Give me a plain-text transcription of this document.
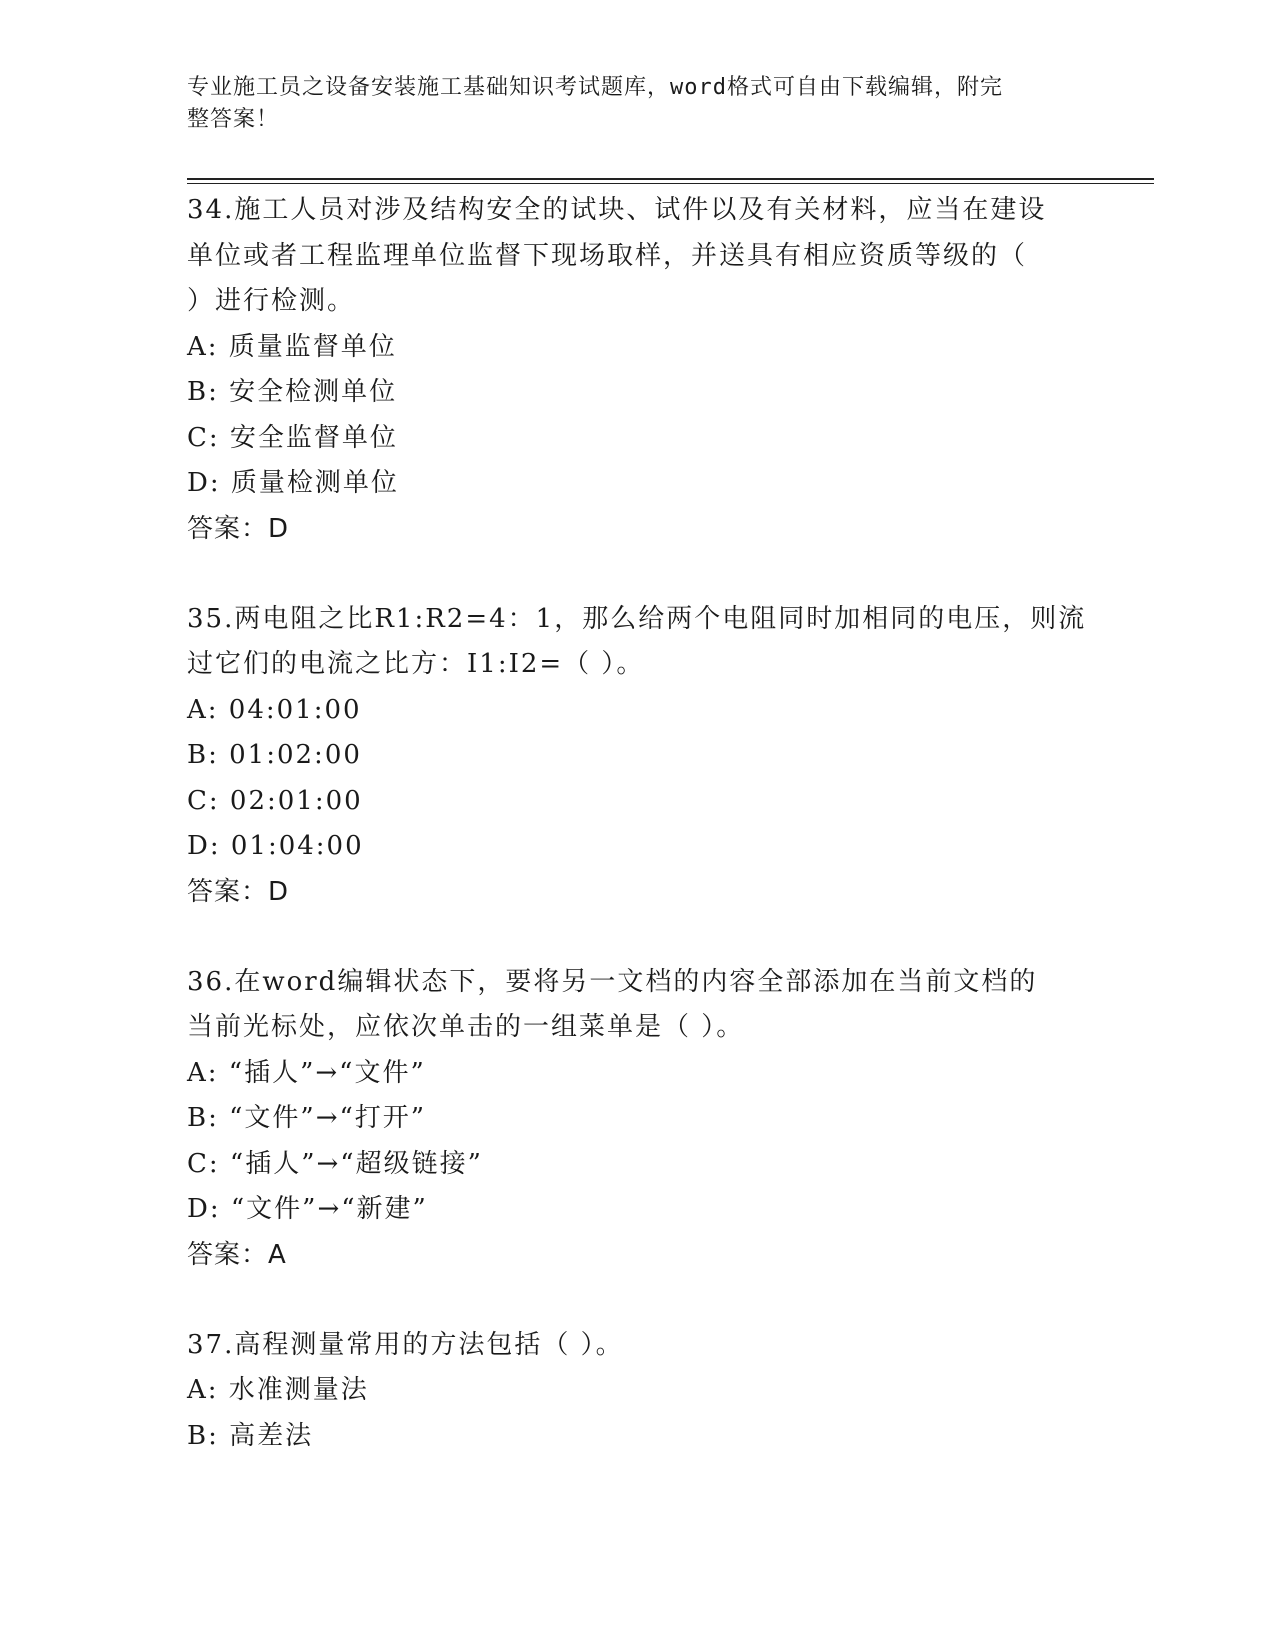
专业施工员之设备安装施工基础知识考试题库，word格式可自由下载编辑，附完
整答案！
34.施工人员对涉及结构安全的试块、试件以及有关材料，应当在建设
单位或者工程监理单位监督下现场取样，并送具有相应资质等级的（
）进行检测。
A: 质量监督单位
B: 安全检测单位
C: 安全监督单位
D: 质量检测单位
答案：D
35.两电阻之比R1:R2=4：1，那么给两个电阻同时加相同的电压，则流
过它们的电流之比方：I1:I2=（ ）。
A: 04:01:00
B: 01:02:00
C: 02:01:00
D: 01:04:00
答案：D
36.在word编辑状态下，要将另一文档的内容全部添加在当前文档的
当前光标处，应依次单击的一组菜单是（ ）。
A: “插人”→“文件”
B: “文件”→“打开”
C: “插人”→“超级链接”
D: “文件”→“新建”
答案：A
37.高程测量常用的方法包括（ ）。
A: 水准测量法
B: 高差法
